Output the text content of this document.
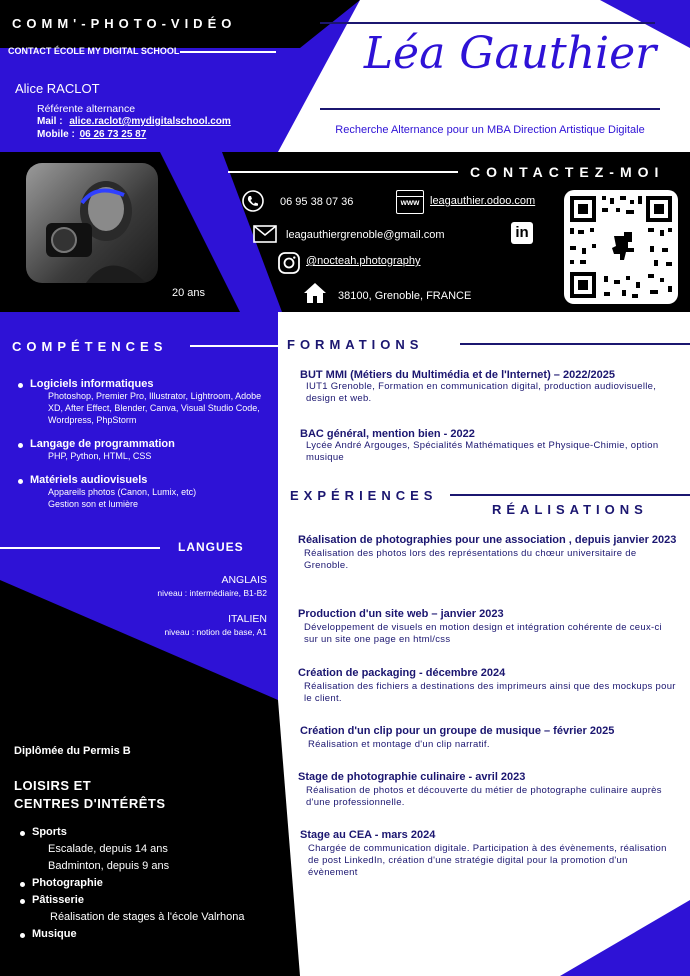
COMM'-PHOTO-VIDÉO
CONTACT ÉCOLE MY DIGITAL SCHOOL
Alice RACLOT
Référente alternance
Mail : alice.raclot@mydigitalschool.com
Mobile : 06 26 73 25 87
Léa Gauthier
Recherche Alternance pour un MBA Direction Artistique Digitale
20 ans
CONTACTEZ-MOI
06 95 38 07 36	www leagauthier.odoo.com
leagauthiergrenoble@gmail.com	in
@nocteah.photography
38100, Grenoble, FRANCE
COMPÉTENCES
Logiciels informatiques
Photoshop, Premier Pro, Illustrator, Lightroom, Adobe XD, After Effect, Blender, Canva, Visual Studio Code, Wordpress, PhpStorm
Langage de programmation
PHP, Python, HTML, CSS
Matériels audiovisuels
Appareils photos (Canon, Lumix, etc) Gestion son et lumière
LANGUES
ANGLAIS
niveau : intermédiaire, B1-B2
ITALIEN
niveau : notion de base, A1
Diplômée du Permis B
LOISIRS ET
CENTRES D'INTÉRÊTS
Sports
Escalade, depuis 14 ans
Badminton, depuis 9 ans
Photographie
Pâtisserie
Réalisation de stages à l'école Valrhona
Musique
FORMATIONS
BUT MMI (Métiers du Multimédia et de l'Internet) – 2022/2025
IUT1 Grenoble, Formation en communication digital, production audiovisuelle, design et web.
BAC général, mention bien - 2022
Lycée André Argouges, Spécialités Mathématiques et Physique-Chimie, option musique
EXPÉRIENCES
RÉALISATIONS
Réalisation de photographies pour une association , depuis janvier 2023
Réalisation des photos lors des représentations du chœur universitaire de Grenoble.
Production d'un site web – janvier 2023
Développement de visuels en motion design et intégration cohérente de ceux-ci sur un site one page en html/css
Création de packaging - décembre 2024
Réalisation des fichiers a destinations des imprimeurs ainsi que des mockups pour le client.
Création d'un clip pour un groupe de musique – février 2025
Réalisation et montage d'un clip narratif.
Stage de photographie culinaire - avril 2023
Réalisation de photos et découverte du métier de photographe culinaire auprès d'une professionnelle.
Stage au CEA - mars 2024
Chargée de communication digitale. Participation à des évènements, réalisation de post LinkedIn, création d'une stratégie digital pour la promotion d'un évènement
